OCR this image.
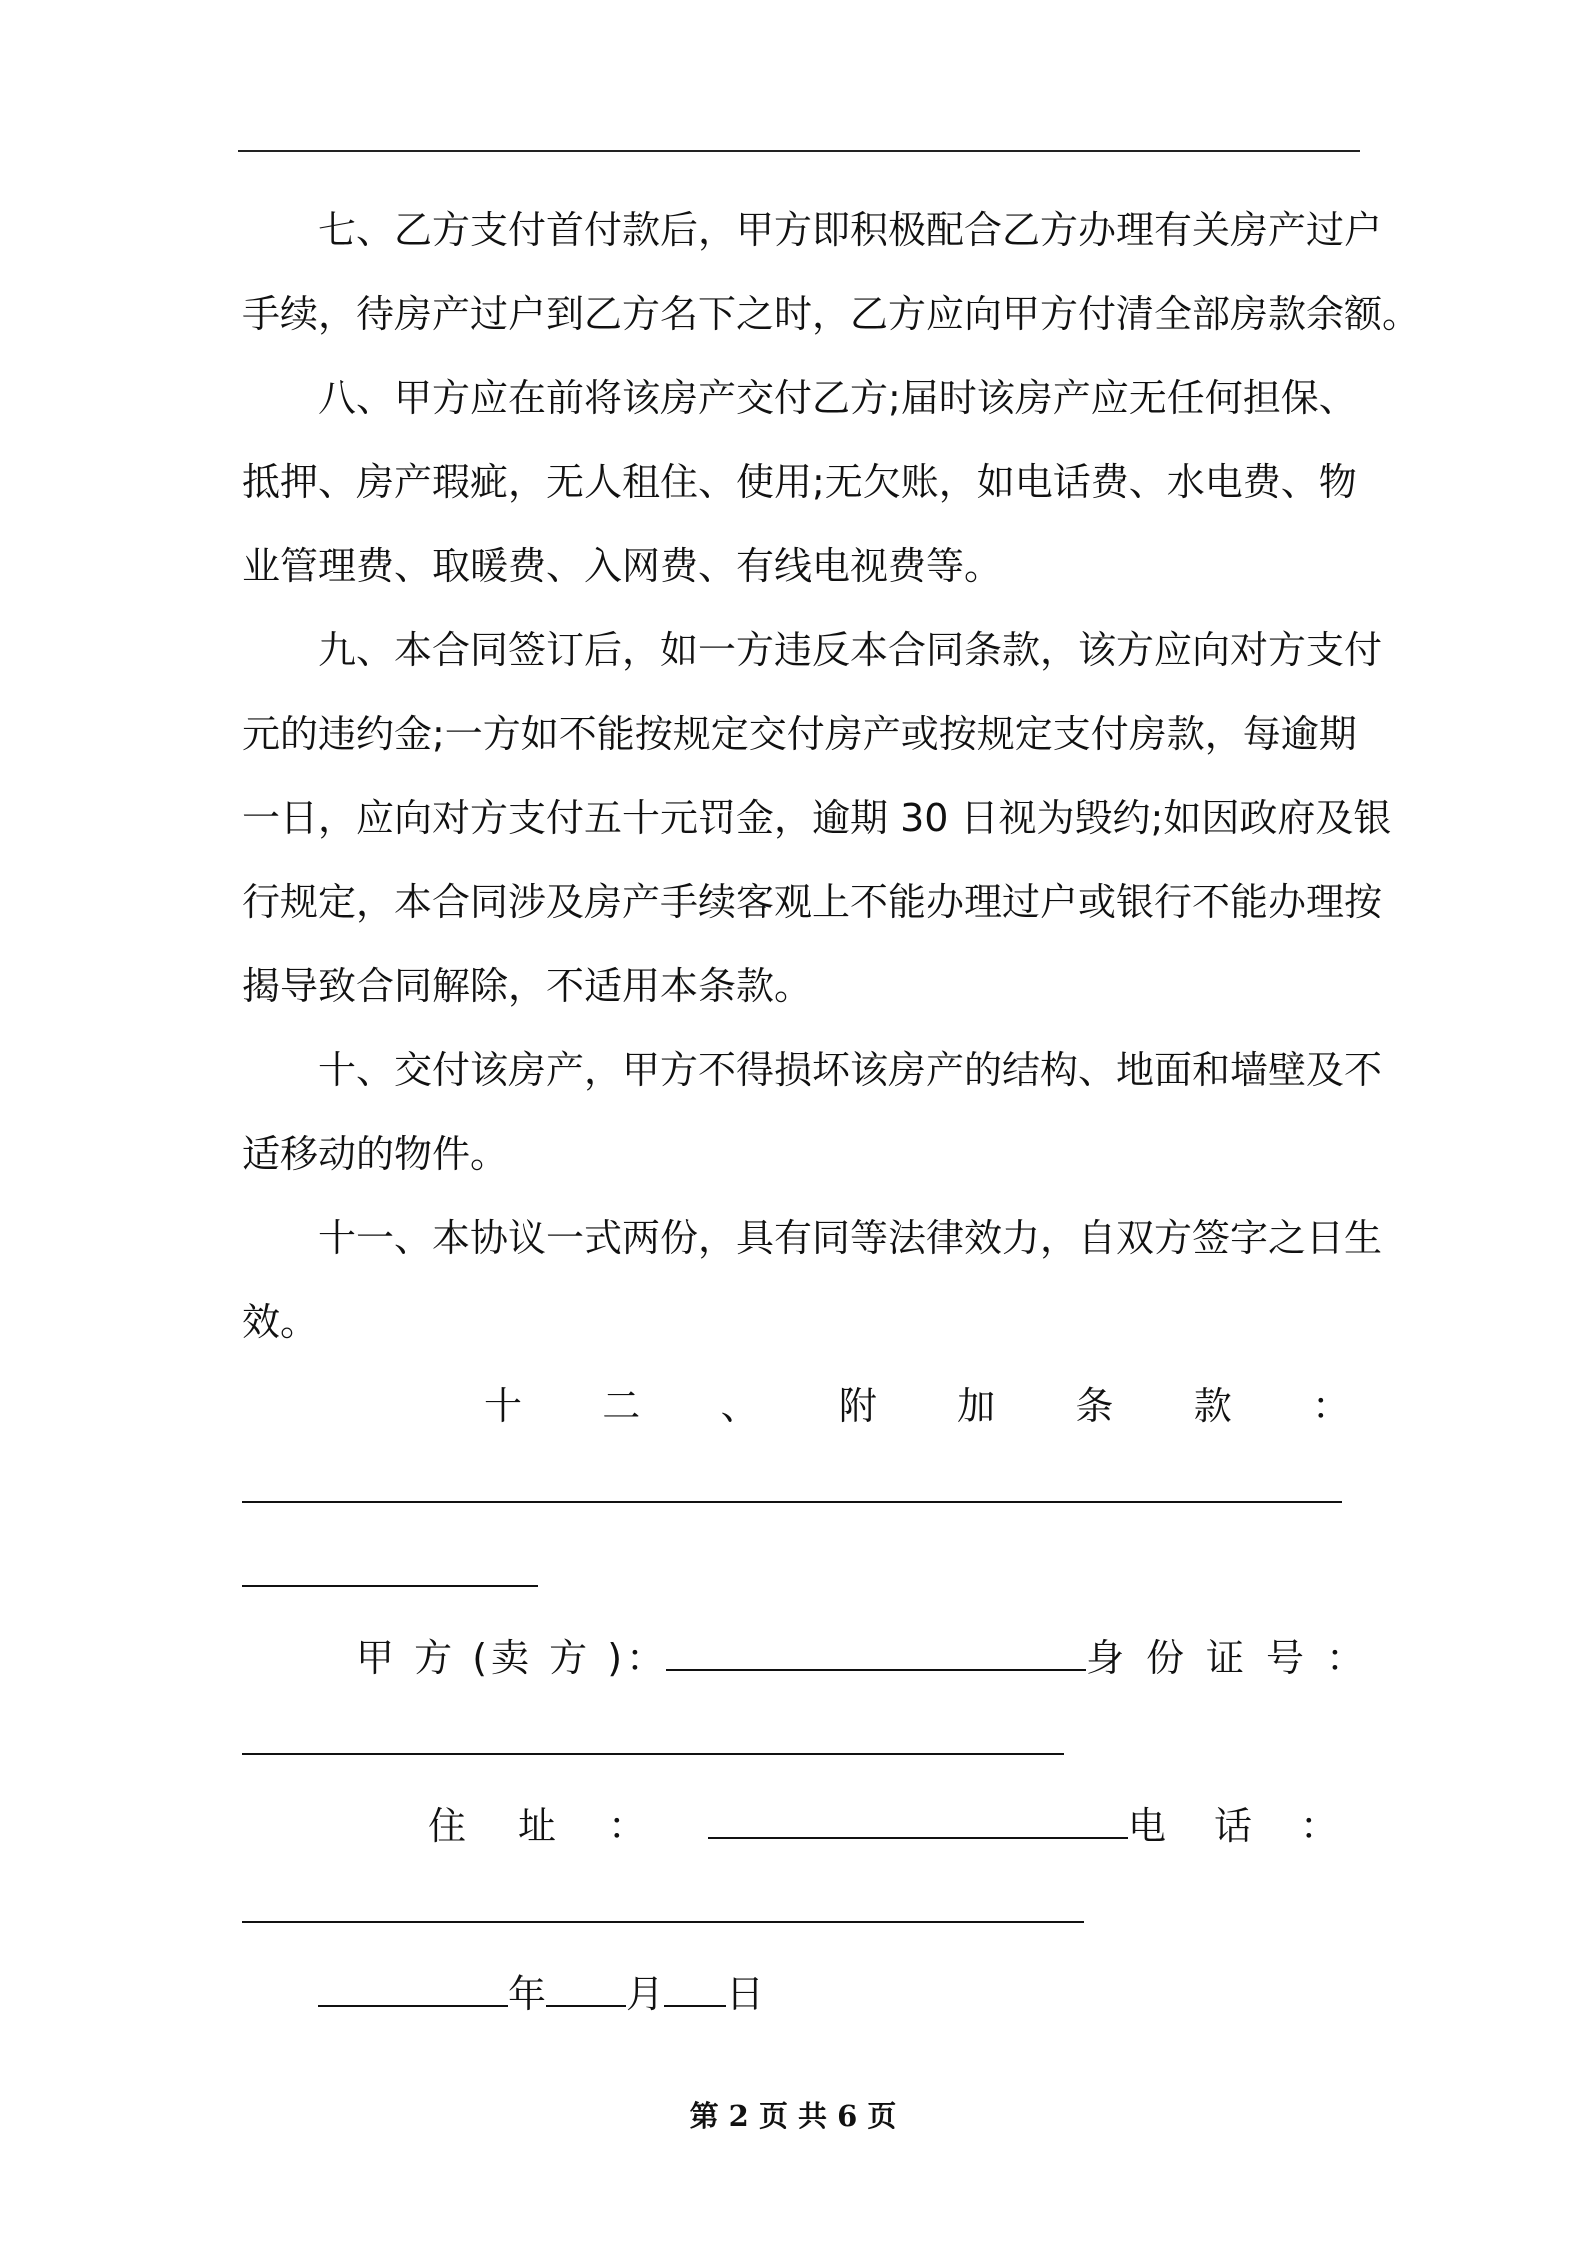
七、乙方支付首付款后，甲方即积极配合乙方办理有关房产过户
手续，待房产过户到乙方名下之时，乙方应向甲方付清全部房款余额。
八、甲方应在前将该房产交付乙方;届时该房产应无任何担保、
抵押、房产瑕疵，无人租住、使用;无欠账，如电话费、水电费、物
业管理费、取暖费、入网费、有线电视费等。
九、本合同签订后，如一方违反本合同条款，该方应向对方支付
元的违约金;一方如不能按规定交付房产或按规定支付房款，每逾期
一日，应向对方支付五十元罚金，逾期 30 日视为毁约;如因政府及银
行规定，本合同涉及房产手续客观上不能办理过户或银行不能办理按
揭导致合同解除，不适用本条款。
十、交付该房产，甲方不得损坏该房产的结构、地面和墙壁及不
适移动的物件。
十一、本协议一式两份，具有同等法律效力，自双方签字之日生
效。
十 二 、 附 加 条 款 ：
甲 方 (卖 方 )：	身份证号：
住 址 ：	电 话 ：
年 月 日
第 2 页 共 6 页
